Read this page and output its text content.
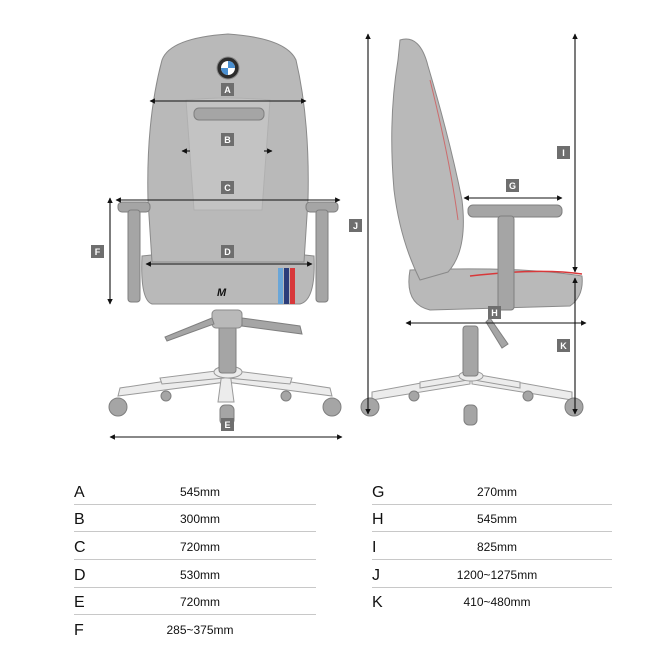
M
A
B
C
D
E
F
G
H
I
J
K
A	545mm
B	300mm
C	720mm
D	530mm
E	720mm
F	285~375mm
G	270mm
H	545mm
I	825mm
J	1200~1275mm
K	410~480mm
